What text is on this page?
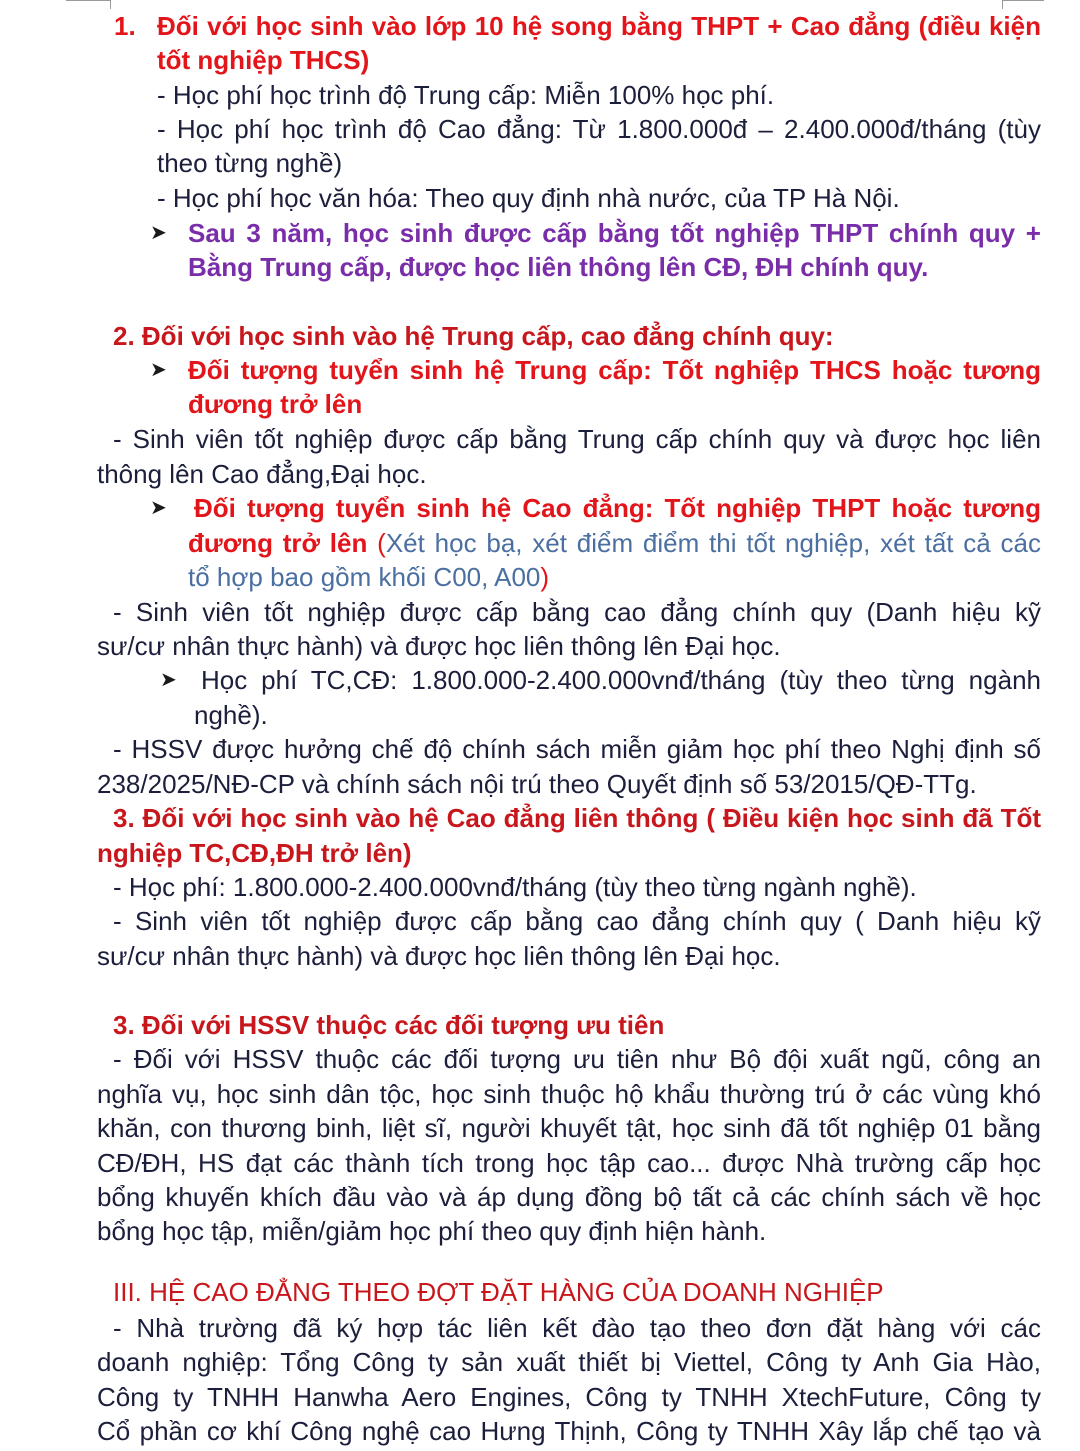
1. Đối với học sinh vào lớp 10 hệ song bằng THPT + Cao đẳng (điều kiện

tốt nghiệp THCS)

- Học phí học trình độ Trung cấp: Miễn 100% học phí.

- Học phí học trình độ Cao đẳng: Từ 1.800.000đ – 2.400.000đ/tháng (tùy

theo từng nghề)

- Học phí học văn hóa: Theo quy định nhà nước, của TP Hà Nội.

➤ Sau 3 năm, học sinh được cấp bằng tốt nghiệp THPT chính quy +

Bằng Trung cấp, được học liên thông lên CĐ, ĐH chính quy.

2. Đối với học sinh vào hệ Trung cấp, cao đẳng chính quy:

➤ Đối tượng tuyển sinh hệ Trung cấp: Tốt nghiệp THCS hoặc tương

đương trở lên

- Sinh viên tốt nghiệp được cấp bằng Trung cấp chính quy và được học liên

thông lên Cao đẳng,Đại học.

➤ Đối tượng tuyển sinh hệ Cao đẳng: Tốt nghiệp THPT hoặc tương

đương trở lên (Xét học bạ, xét điểm điểm thi tốt nghiệp, xét tất cả các

tổ hợp bao gồm khối C00, A00)

- Sinh viên tốt nghiệp được cấp bằng cao đẳng chính quy (Danh hiệu kỹ

sư/cư nhân thực hành) và được học liên thông lên Đại học.

➤ Học phí TC,CĐ: 1.800.000-2.400.000vnđ/tháng (tùy theo từng ngành

nghề).

- HSSV được hưởng chế độ chính sách miễn giảm học phí theo Nghị định số

238/2025/NĐ-CP và chính sách nội trú theo Quyết định số 53/2015/QĐ-TTg.

3. Đối với học sinh vào hệ Cao đẳng liên thông ( Điều kiện học sinh đã Tốt

nghiệp TC,CĐ,ĐH trở lên)

- Học phí: 1.800.000-2.400.000vnđ/tháng (tùy theo từng ngành nghề).

- Sinh viên tốt nghiệp được cấp bằng cao đẳng chính quy ( Danh hiệu kỹ

sư/cư nhân thực hành) và được học liên thông lên Đại học.

3. Đối với HSSV thuộc các đối tượng ưu tiên

- Đối với HSSV thuộc các đối tượng ưu tiên như Bộ đội xuất ngũ, công an

nghĩa vụ, học sinh dân tộc, học sinh thuộc hộ khẩu thường trú ở các vùng khó

khăn, con thương binh, liệt sĩ, người khuyết tật, học sinh đã tốt nghiệp 01 bằng

CĐ/ĐH, HS đạt các thành tích trong học tập cao... được Nhà trường cấp học

bổng khuyến khích đầu vào và áp dụng đồng bộ tất cả các chính sách về học

bổng học tập, miễn/giảm học phí theo quy định hiện hành.

III. HỆ CAO ĐẲNG THEO ĐỢT ĐẶT HÀNG CỦA DOANH NGHIỆP

- Nhà trường đã ký hợp tác liên kết đào tạo theo đơn đặt hàng với các

doanh nghiệp: Tổng Công ty sản xuất thiết bị Viettel, Công ty Anh Gia Hào,

Công ty TNHH Hanwha Aero Engines, Công ty TNHH XtechFuture, Công ty

Cổ phần cơ khí Công nghệ cao Hưng Thịnh, Công ty TNHH Xây lắp chế tạo và
